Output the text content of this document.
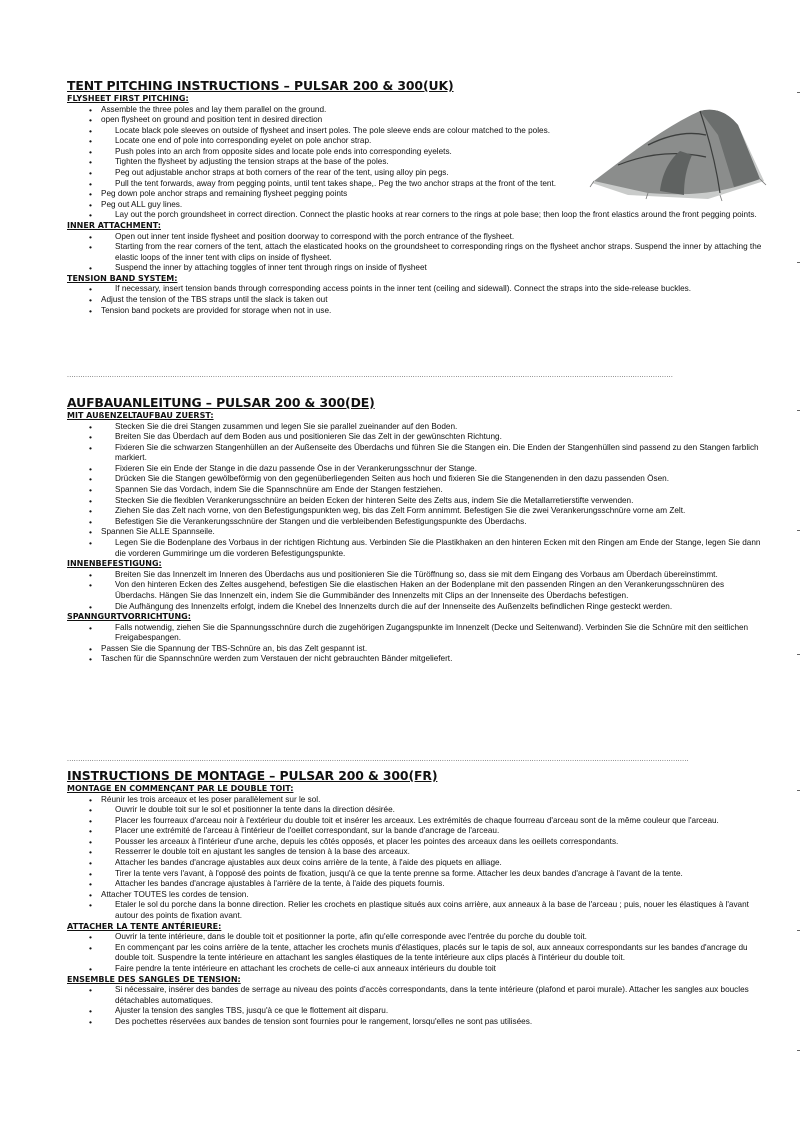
TENT PITCHING INSTRUCTIONS – PULSAR 200 & 300(UK)
FLYSHEET FIRST PITCHING:
• Assemble the three poles and lay them parallel on the ground.
• open flysheet on ground and position tent in desired direction
• Locate black pole sleeves on outside of flysheet and insert poles. The pole sleeve ends are colour matched to the poles.
• Locate one end of pole into corresponding eyelet on pole anchor strap.
• Push poles into an arch from opposite sides and locate pole ends into corresponding eyelets.
• Tighten the flysheet by adjusting the tension straps at the base of the poles.
• Peg out adjustable anchor straps at both corners of the rear of the tent, using alloy pin pegs.
• Pull the tent forwards, away from pegging points, until tent takes shape,. Peg the two anchor straps at the front of the tent.
• Peg down pole anchor straps and remaining flysheet pegging points
• Peg out ALL guy lines.
• Lay out the porch groundsheet in correct direction. Connect the plastic hooks at rear corners to the rings at pole base; then loop the front elastics around the front pegging points.
INNER ATTACHMENT:
• Open out inner tent inside flysheet and position doorway to correspond with the porch entrance of the flysheet.
• Starting from the rear corners of the tent, attach the elasticated hooks on the groundsheet to corresponding rings on the flysheet anchor straps. Suspend the inner by attaching the elastic loops of the inner tent with clips on inside of flysheet.
• Suspend the inner by attaching toggles of inner tent through rings on inside of flysheet
TENSION BAND SYSTEM:
• If necessary, insert tension bands through corresponding access points in the inner tent (ceiling and sidewall). Connect the straps into the side-release buckles.
• Adjust the tension of the TBS straps until the slack is taken out
• Tension band pockets are provided for storage when not in use.
..............................................................................................................................................................................................................................................................................
AUFBAUANLEITUNG – PULSAR 200 & 300(DE)
MIT AUßENZELTAUFBAU ZUERST:
• Stecken Sie die drei Stangen zusammen und legen Sie sie parallel zueinander auf den Boden.
• Breiten Sie das Überdach auf dem Boden aus und positionieren Sie das Zelt in der gewünschten Richtung.
• Fixieren Sie die schwarzen Stangenhüllen an der Außenseite des Überdachs und führen Sie die Stangen ein. Die Enden der Stangenhüllen sind passend zu den Stangen farblich markiert.
• Fixieren Sie ein Ende der Stange in die dazu passende Öse in der Verankerungsschnur der Stange.
• Drücken Sie die Stangen gewölbeförmig von den gegenüberliegenden Seiten aus hoch und fixieren Sie die Stangenenden in den dazu passenden Ösen.
• Spannen Sie das Vordach, indem Sie die Spannschnüre am Ende der Stangen festziehen.
• Stecken Sie die flexiblen Verankerungsschnüre an beiden Ecken der hinteren Seite des Zelts aus, indem Sie die Metallarretierstifte verwenden.
• Ziehen Sie das Zelt nach vorne, von den Befestigungspunkten weg, bis das Zelt Form annimmt. Befestigen Sie die zwei Verankerungsschnüre vorne am Zelt.
• Befestigen Sie die Verankerungsschnüre der Stangen und die verbleibenden Befestigungspunkte des Überdachs.
• Spannen Sie ALLE Spannseile.
• Legen Sie die Bodenplane des Vorbaus in der richtigen Richtung aus. Verbinden Sie die Plastikhaken an den hinteren Ecken mit den Ringen am Ende der Stange, legen Sie dann die vorderen Gummiringe um die vorderen Befestigungspunkte.
INNENBEFESTIGUNG:
• Breiten Sie das Innenzelt im Inneren des Überdachs aus und positionieren Sie die Türöffnung so, dass sie mit dem Eingang des Vorbaus am Überdach übereinstimmt.
• Von den hinteren Ecken des Zeltes ausgehend, befestigen Sie die elastischen Haken an der Bodenplane mit den passenden Ringen an den Verankerungsschnüren des Überdachs. Hängen Sie das Innenzelt ein, indem Sie die Gummibänder des Innenzelts mit Clips an der Innenseite des Überdachs befestigen.
• Die Aufhängung des Innenzelts erfolgt, indem die Knebel des Innenzelts durch die auf der Innenseite des Außenzelts befindlichen Ringe gesteckt werden.
SPANNGURTVORRICHTUNG:
• Falls notwendig, ziehen Sie die Spannungsschnüre durch die zugehörigen Zugangspunkte im Innenzelt (Decke und Seitenwand). Verbinden Sie die Schnüre mit den seitlichen Freigabespangen.
• Passen Sie die Spannung der TBS-Schnüre an, bis das Zelt gespannt ist.
• Taschen für die Spannschnüre werden zum Verstauen der nicht gebrauchten Bänder mitgeliefert.
.....................................................................................................................................................................................................................................................................................
INSTRUCTIONS DE MONTAGE – PULSAR 200 & 300(FR)
MONTAGE EN COMMENÇANT PAR LE DOUBLE TOIT:
• Réunir les trois arceaux et les poser parallèlement sur le sol.
• Ouvrir le double toit sur le sol et positionner la tente dans la direction désirée.
• Placer les fourreaux d'arceau noir à l'extérieur du double toit et insérer les arceaux. Les extrémités de chaque fourreau d'arceau sont de la même couleur que l'arceau.
• Placer une extrémité de l'arceau à l'intérieur de l'oeillet correspondant, sur la bande d'ancrage de l'arceau.
• Pousser les arceaux à l'intérieur d'une arche, depuis les côtés opposés, et placer les pointes des arceaux dans les oeillets correspondants.
• Resserrer le double toit en ajustant les sangles de tension à la base des arceaux.
• Attacher les bandes d'ancrage ajustables aux deux coins arrière de la tente, à l'aide des piquets en alliage.
• Tirer la tente vers l'avant, à l'opposé des points de fixation, jusqu'à ce que la tente prenne sa forme. Attacher les deux bandes d'ancrage à l'avant de la tente.
• Attacher les bandes d'ancrage ajustables à l'arrière de la tente, à l'aide des piquets fournis.
• Attacher TOUTES les cordes de tension.
• Etaler le sol du porche dans la bonne direction. Relier les crochets en plastique situés aux coins arrière, aux anneaux à la base de l'arceau ; puis, nouer les élastiques à l'avant autour des points de fixation avant.
ATTACHER LA TENTE ANTÉRIEURE:
• Ouvrir la tente intérieure, dans le double toit et positionner la porte, afin qu'elle corresponde avec l'entrée du porche du double toit.
• En commençant par les coins arrière de la tente, attacher les crochets munis d'élastiques, placés sur le tapis de sol, aux anneaux correspondants sur les bandes d'ancrage du double toit. Suspendre la tente intérieure en attachant les sangles élastiques de la tente intérieure aux clips placés à l'intérieur du double toit.
• Faire pendre la tente intérieure en attachant les crochets de celle-ci aux anneaux intérieurs du double toit
ENSEMBLE DES SANGLES DE TENSION:
• Si nécessaire, insérer des bandes de serrage au niveau des points d'accès correspondants, dans la tente intérieure (plafond et paroi murale). Attacher les sangles aux boucles détachables automatiques.
• Ajuster la tension des sangles TBS, jusqu'à ce que le flottement ait disparu.
• Des pochettes réservées aux bandes de tension sont fournies pour le rangement, lorsqu'elles ne sont pas utilisées.
